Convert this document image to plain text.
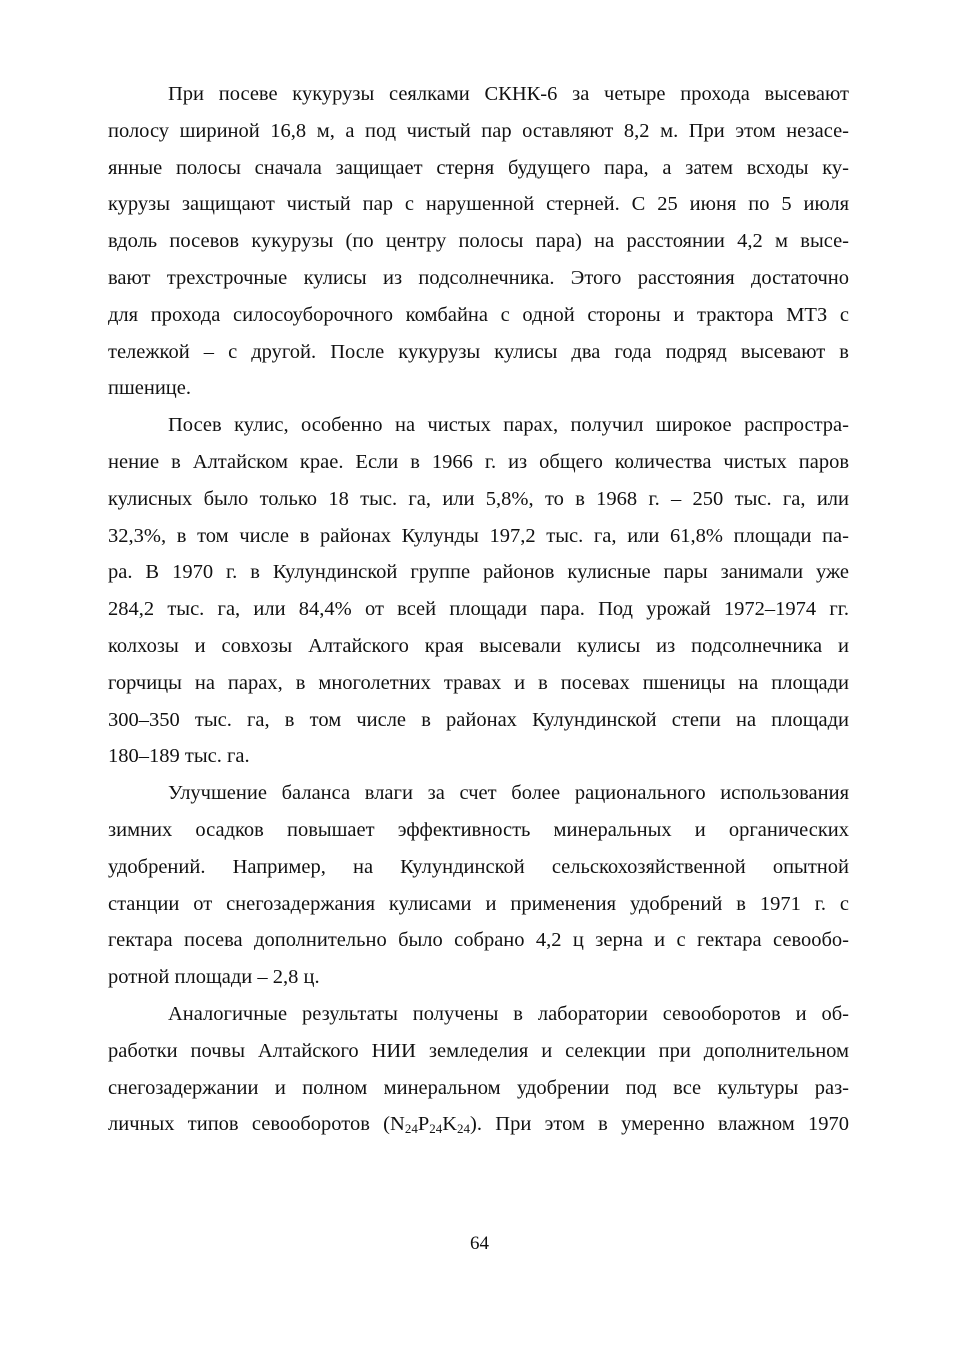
При посеве кукурузы сеялками СКНК-6 за четыре прохода высевают
полосу шириной 16,8 м, а под чистый пар оставляют 8,2 м. При этом незасе-
янные полосы сначала защищает стерня будущего пара, а затем всходы ку-
курузы защищают чистый пар с нарушенной стерней. С 25 июня по 5 июля
вдоль посевов кукурузы (по центру полосы пара) на расстоянии 4,2 м высе-
вают трехстрочные кулисы из подсолнечника. Этого расстояния достаточно
для прохода силосоуборочного комбайна с одной стороны и трактора МТЗ с
тележкой – с другой. После кукурузы кулисы два года подряд высевают в
пшенице.

Посев кулис, особенно на чистых парах, получил широкое распростра-
нение в Алтайском крае. Если в 1966 г. из общего количества чистых паров
кулисных было только 18 тыс. га, или 5,8%, то в 1968 г. – 250 тыс. га, или
32,3%, в том числе в районах Кулунды 197,2 тыс. га, или 61,8% площади па-
ра. В 1970 г. в Кулундинской группе районов кулисные пары занимали уже
284,2 тыс. га, или 84,4% от всей площади пара. Под урожай 1972–1974 гг.
колхозы и совхозы Алтайского края высевали кулисы из подсолнечника и
горчицы на парах, в многолетних травах и в посевах пшеницы на площади
300–350 тыс. га, в том числе в районах Кулундинской степи на площади
180–189 тыс. га.

Улучшение баланса влаги за счет более рационального использования
зимних осадков повышает эффективность минеральных и органических
удобрений. Например, на Кулундинской сельскохозяйственной опытной
станции от снегозадержания кулисами и применения удобрений в 1971 г. с
гектара посева дополнительно было собрано 4,2 ц зерна и с гектара севообо-
ротной площади – 2,8 ц.

Аналогичные результаты получены в лаборатории севооборотов и об-
работки почвы Алтайского НИИ земледелия и селекции при дополнительном
снегозадержании и полном минеральном удобрении под все культуры раз-
личных типов севооборотов $(N_{24}P_{24}K_{24})$. При этом в умеренно влажном 1970

64
